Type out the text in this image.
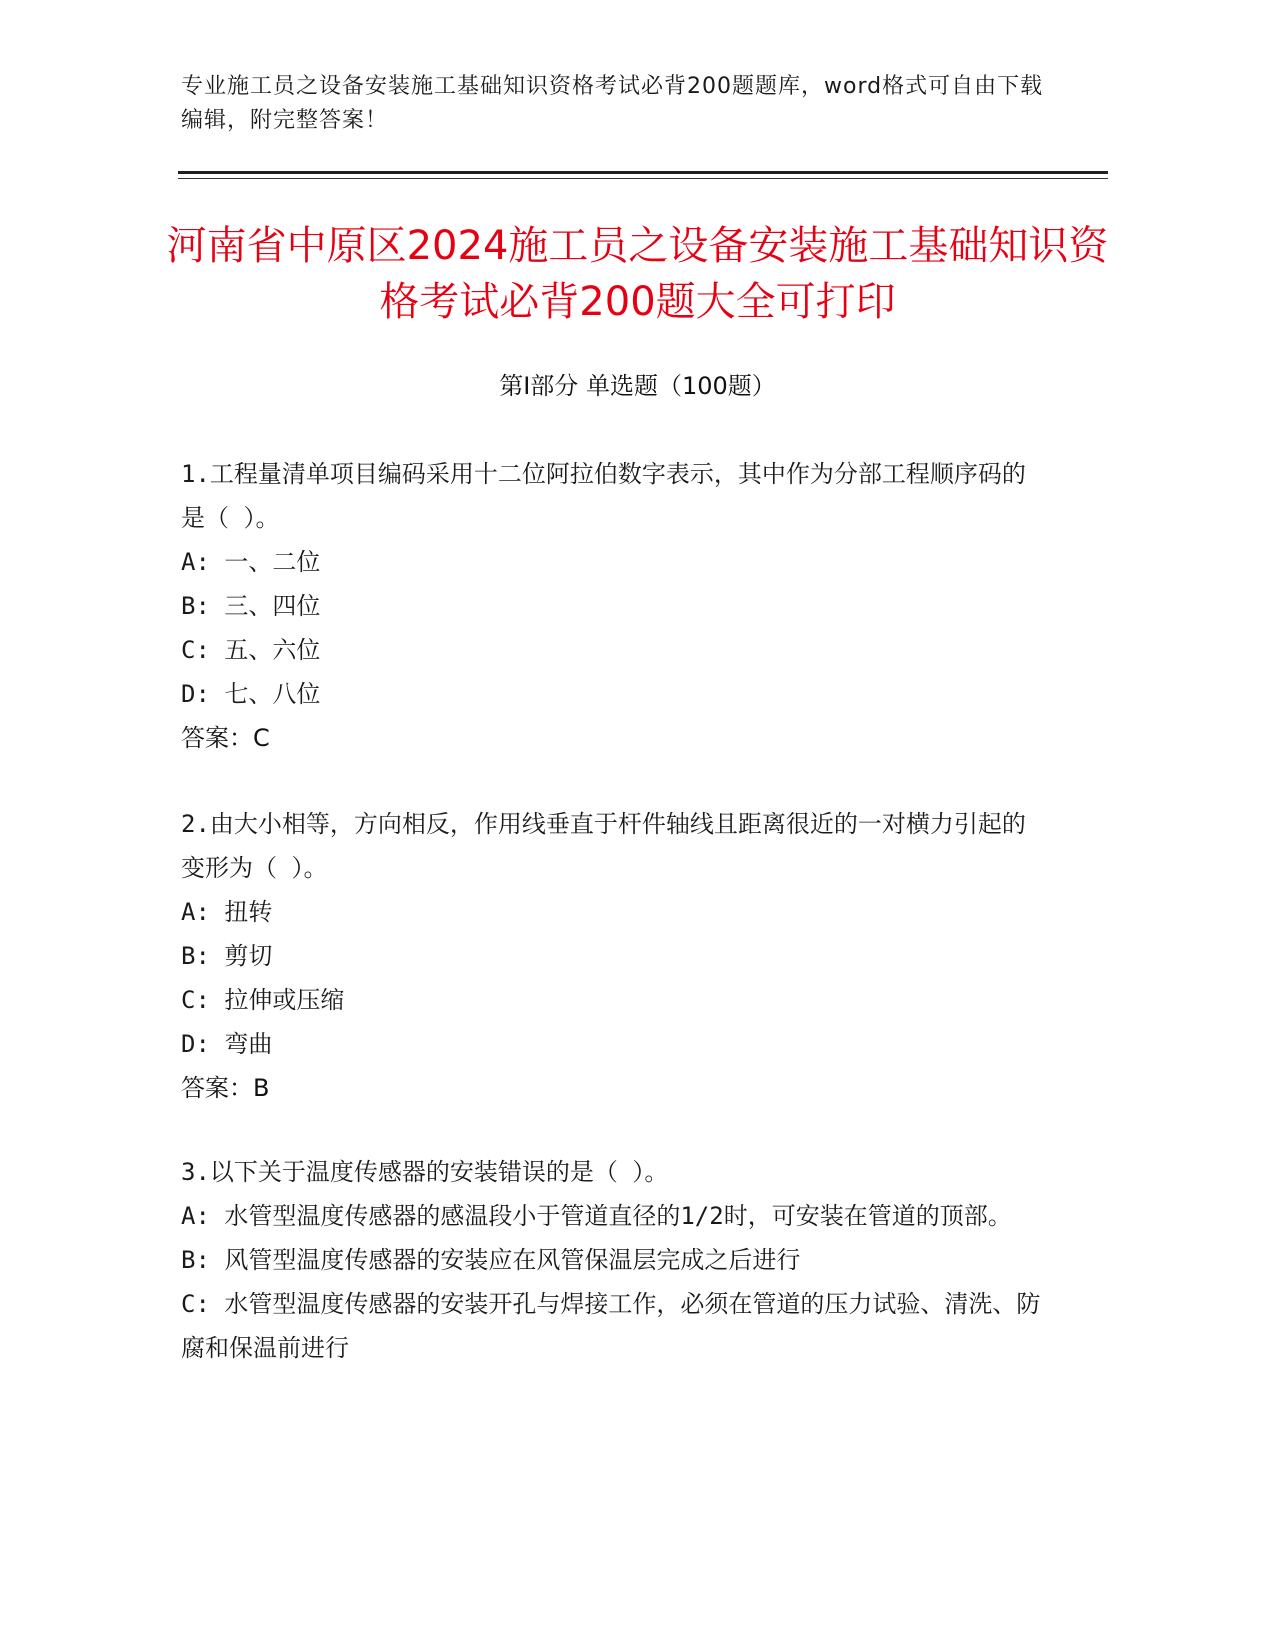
专业施工员之设备安装施工基础知识资格考试必背200题题库，word格式可自由下载编辑，附完整答案！
河南省中原区2024施工员之设备安装施工基础知识资格考试必背200题大全可打印
第Ⅰ部分 单选题（100题）

1.工程量清单项目编码采用十二位阿拉伯数字表示，其中作为分部工程顺序码的是（ ）。

A: 一、二位

B: 三、四位

C: 五、六位

D: 七、八位

答案：C

2.由大小相等，方向相反，作用线垂直于杆件轴线且距离很近的一对横力引起的变形为（ ）。

A: 扭转

B: 剪切

C: 拉伸或压缩

D: 弯曲

答案：B

3.以下关于温度传感器的安装错误的是（ ）。

A: 水管型温度传感器的感温段小于管道直径的1/2时，可安装在管道的顶部。

B: 风管型温度传感器的安装应在风管保温层完成之后进行

C: 水管型温度传感器的安装开孔与焊接工作，必须在管道的压力试验、清洗、防腐和保温前进行
